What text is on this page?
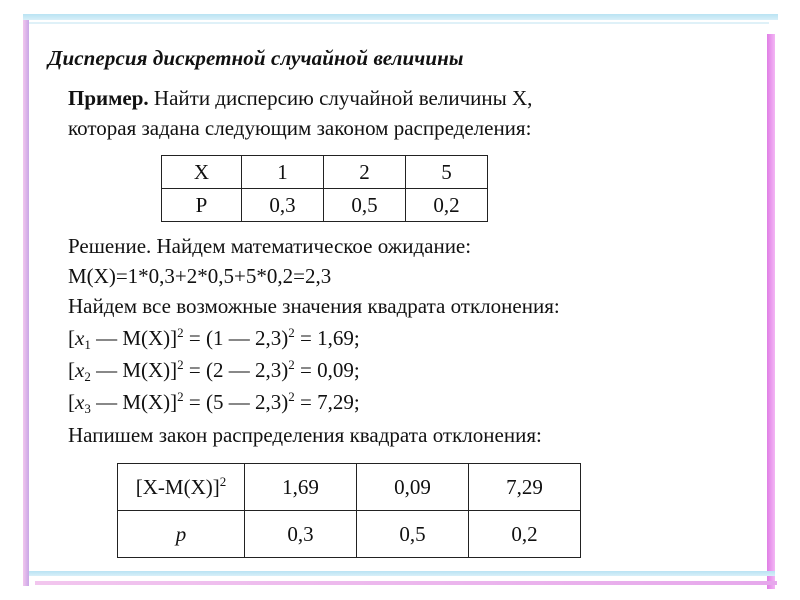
Дисперсия дискретной случайной величины
Пример. Найти дисперсию случайной величины X,
которая задана следующим законом распределения:
X	1	2	5
P	0,3	0,5	0,2
Решение. Найдем математическое ожидание:
M(X)=1*0,3+2*0,5+5*0,2=2,3
Найдем все возможные значения квадрата отклонения:
[$x_1$ — M(X)]$^2$ = (1 — 2,3)$^2$ = 1,69;
[$x_2$ — M(X)]$^2$ = (2 — 2,3)$^2$ = 0,09;
[$x_3$ — M(X)]$^2$ = (5 — 2,3)$^2$ = 7,29;
Напишем закон распределения квадрата отклонения:
$[X-M(X)]^2$	1,69	0,09	7,29
p	0,3	0,5	0,2
